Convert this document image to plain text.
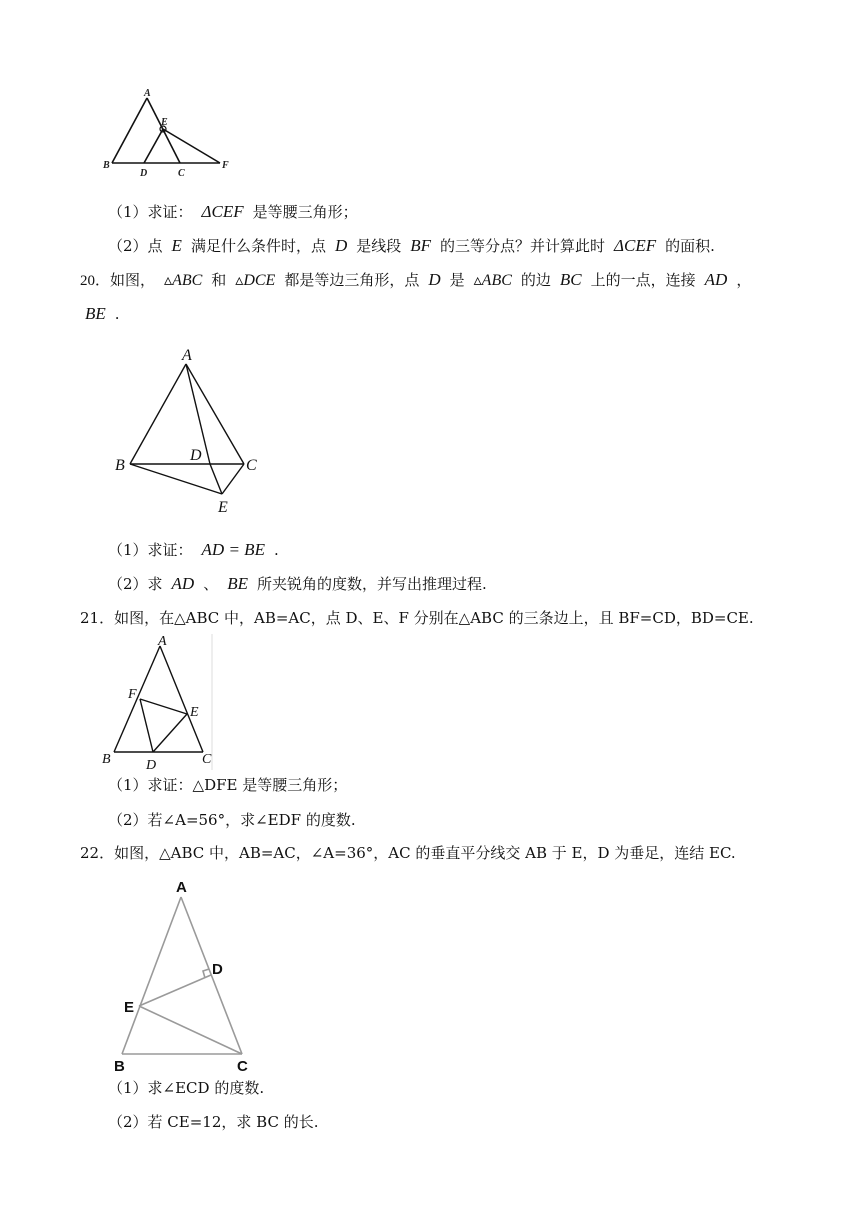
A
E
B
D	C
F
（1）求证： ΔCEF 是等腰三角形；
（2）点 E 满足什么条件时，点 D 是线段 BF 的三等分点？并计算此时 ΔCEF 的面积.
20．如图， ▵ABC 和 ▵DCE 都是等边三角形，点 D 是 ▵ABC 的边 BC 上的一点，连接 AD ，
BE .
A
B
D
C
E
（1）求证： AD = BE .
（2）求 AD 、 BE 所夹锐角的度数，并写出推理过程.
21．如图，在△ABC 中，AB=AC，点 D、E、F 分别在△ABC 的三条边上，且 BF=CD，BD=CE.
A
F
E
B	D	C
（1）求证：△DFE 是等腰三角形；
（2）若∠A=56°，求∠EDF 的度数.
22．如图，△ABC 中，AB=AC，∠A=36°，AC 的垂直平分线交 AB 于 E，D 为垂足，连结 EC.
A
D
E
B	C
（1）求∠ECD 的度数.
（2）若 CE=12，求 BC 的长.
